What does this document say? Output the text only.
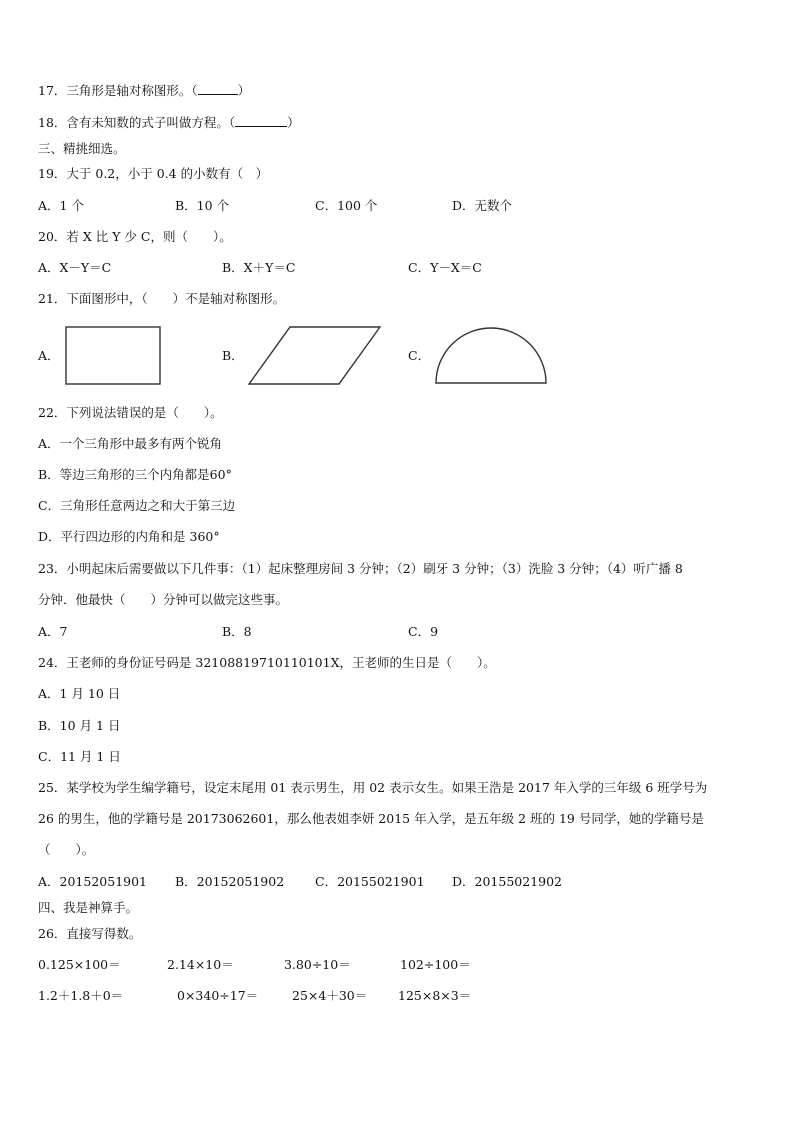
17．三角形是轴对称图形。（	）
18．含有未知数的式子叫做方程。（	）
三、精挑细选。
19．大于 0.2，小于 0.4 的小数有（　）
A．1 个	B．10 个	C．100 个	D．无数个
20．若 X 比 Y 少 C，则（　　）。
A．X－Y＝C	B．X＋Y＝C	C．Y－X＝C
21．下面图形中，（　　）不是轴对称图形。
A．	B．	C．
22．下列说法错误的是（　　）。
A．一个三角形中最多有两个锐角
B．等边三角形的三个内角都是60°
C．三角形任意两边之和大于第三边
D．平行四边形的内角和是 360°
23．小明起床后需要做以下几件事：（1）起床整理房间 3 分钟；（2）刷牙 3 分钟；（3）洗脸 3 分钟；（4）听广播 8
分钟．他最快（　　）分钟可以做完这些事。
A．7	B．8	C．9
24．王老师的身份证号码是 32108819710110101X，王老师的生日是（　　）。
A．1 月 10 日
B．10 月 1 日
C．11 月 1 日
25．某学校为学生编学籍号，设定末尾用 01 表示男生，用 02 表示女生。如果王浩是 2017 年入学的三年级 6 班学号为
26 的男生，他的学籍号是 20173062601，那么他表姐李妍 2015 年入学，是五年级 2 班的 19 号同学，她的学籍号是
（　　）。
A．20152051901 B．20152051902 C．20155021901 D．20155021902
四、我是神算手。
26．直接写得数。
0.125×100＝	2.14×10＝	3.80÷10＝	102÷100＝
1.2＋1.8＋0＝	0×340÷17＝	25×4＋30＝ 125×8×3＝
